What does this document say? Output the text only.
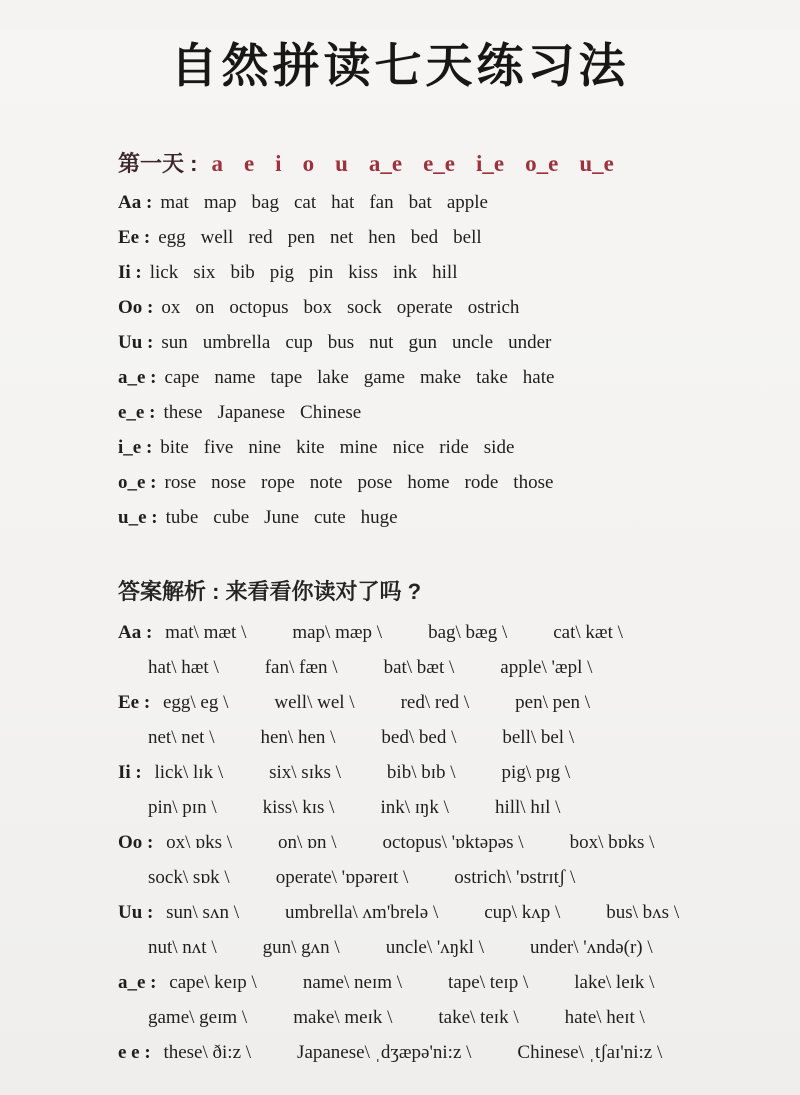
自然拼读七天练习法
第一天 : a e i o u a_e e_e i_e o_e u_e
Aa : mat map bag cat hat fan bat apple
Ee : egg well red pen net hen bed bell
Ii : lick six bib pig pin kiss ink hill
Oo : ox on octopus box sock operate ostrich
Uu : sun umbrella cup bus nut gun uncle under
a_e : cape name tape lake game make take hate
e_e : these Japanese Chinese
i_e : bite five nine kite mine nice ride side
o_e : rose nose rope note pose home rode those
u_e : tube cube June cute huge
答案解析 : 来看看你读对了吗 ?
Aa : mat\ mæt \ map\ mæp \ bag\ bæg \ cat\ kæt \
hat\ hæt \ fan\ fæn \ bat\ bæt \ apple\ 'æpl \
Ee : egg\ eg \ well\ wel \ red\ red \ pen\ pen \
net\ net \ hen\ hen \ bed\ bed \ bell\ bel \
Ii : lick\ lɪk \ six\ sɪks \ bib\ bɪb \ pig\ pɪg \
pin\ pɪn \ kiss\ kɪs \ ink\ ɪŋk \ hill\ hɪl \
Oo : ox\ ɒks \ on\ ɒn \ octopus\ 'ɒktəpəs \ box\ bɒks \
sock\ sɒk \ operate\ 'ɒpəreɪt \ ostrich\ 'ɒstrɪtʃ \
Uu : sun\ sʌn \ umbrella\ ʌm'brelə \ cup\ kʌp \ bus\ bʌs \
nut\ nʌt \ gun\ gʌn \ uncle\ 'ʌŋkl \ under\ 'ʌndə(r) \
a_e : cape\ keɪp \ name\ neɪm \ tape\ teɪp \ lake\ leɪk \
game\ geɪm \ make\ meɪk \ take\ teɪk \ hate\ heɪt \
e e : these\ ði:z \ Japanese\ ˌdʒæpə'ni:z \ Chinese\ ˌtʃaɪ'ni:z \
